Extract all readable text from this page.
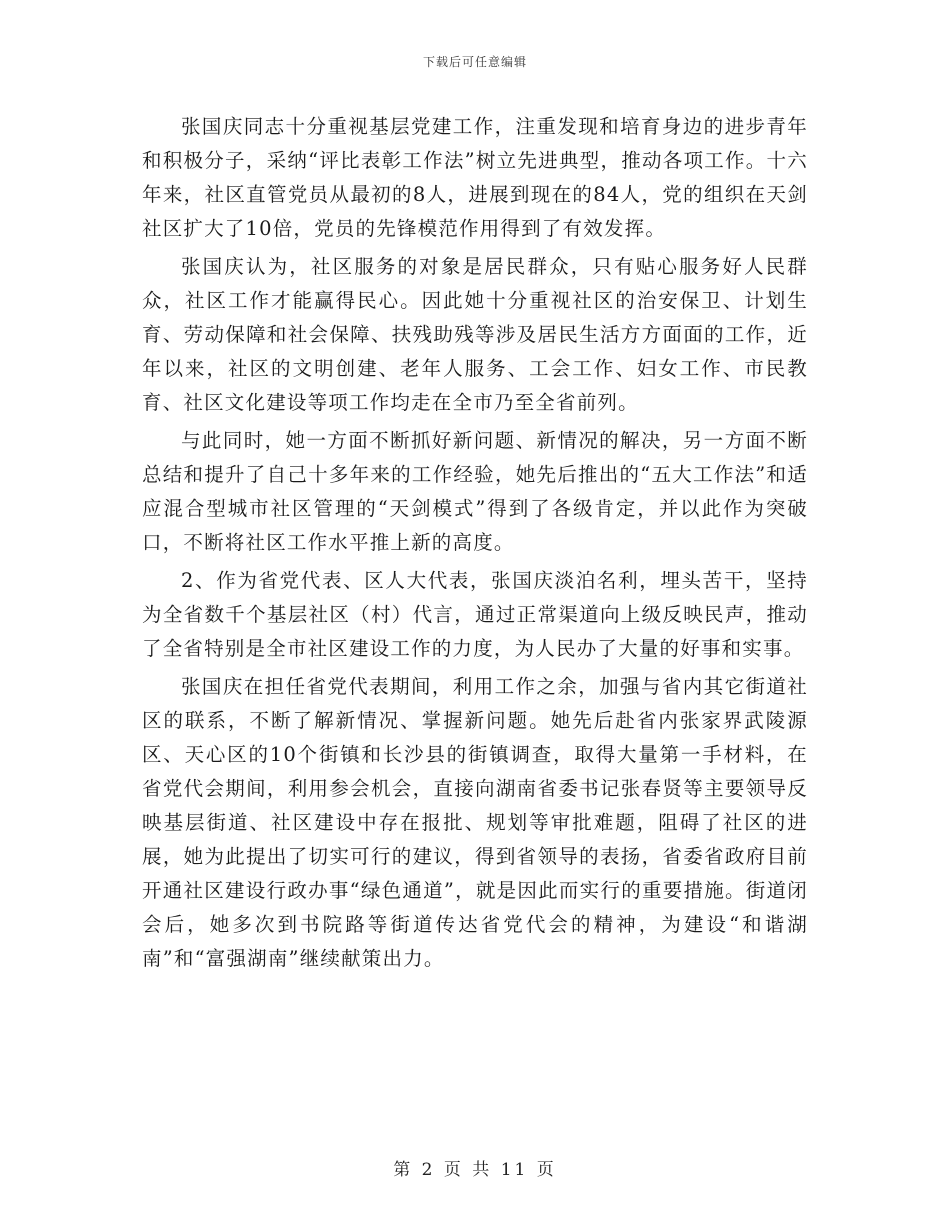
下载后可任意编辑

张国庆同志十分重视基层党建工作，注重发现和培育身边的进步青年和积极分子，采纳“评比表彰工作法”树立先进典型，推动各项工作。十六年来，社区直管党员从最初的8人，进展到现在的84人，党的组织在天剑社区扩大了10倍，党员的先锋模范作用得到了有效发挥。

张国庆认为，社区服务的对象是居民群众，只有贴心服务好人民群众，社区工作才能赢得民心。因此她十分重视社区的治安保卫、计划生育、劳动保障和社会保障、扶残助残等涉及居民生活方方面面的工作，近年以来，社区的文明创建、老年人服务、工会工作、妇女工作、市民教育、社区文化建设等项工作均走在全市乃至全省前列。

与此同时，她一方面不断抓好新问题、新情况的解决，另一方面不断总结和提升了自己十多年来的工作经验，她先后推出的“五大工作法”和适应混合型城市社区管理的“天剑模式”得到了各级肯定，并以此作为突破口，不断将社区工作水平推上新的高度。

2、作为省党代表、区人大代表，张国庆淡泊名利，埋头苦干，坚持为全省数千个基层社区（村）代言，通过正常渠道向上级反映民声，推动了全省特别是全市社区建设工作的力度，为人民办了大量的好事和实事。

张国庆在担任省党代表期间，利用工作之余，加强与省内其它街道社区的联系，不断了解新情况、掌握新问题。她先后赴省内张家界武陵源区、天心区的10个街镇和长沙县的街镇调查，取得大量第一手材料，在省党代会期间，利用参会机会，直接向湖南省委书记张春贤等主要领导反映基层街道、社区建设中存在报批、规划等审批难题，阻碍了社区的进展，她为此提出了切实可行的建议，得到省领导的表扬，省委省政府目前开通社区建设行政办事“绿色通道”，就是因此而实行的重要措施。街道闭会后，她多次到书院路等街道传达省党代会的精神，为建设“和谐湖南”和“富强湖南”继续献策出力。

第 2 页 共 11 页
